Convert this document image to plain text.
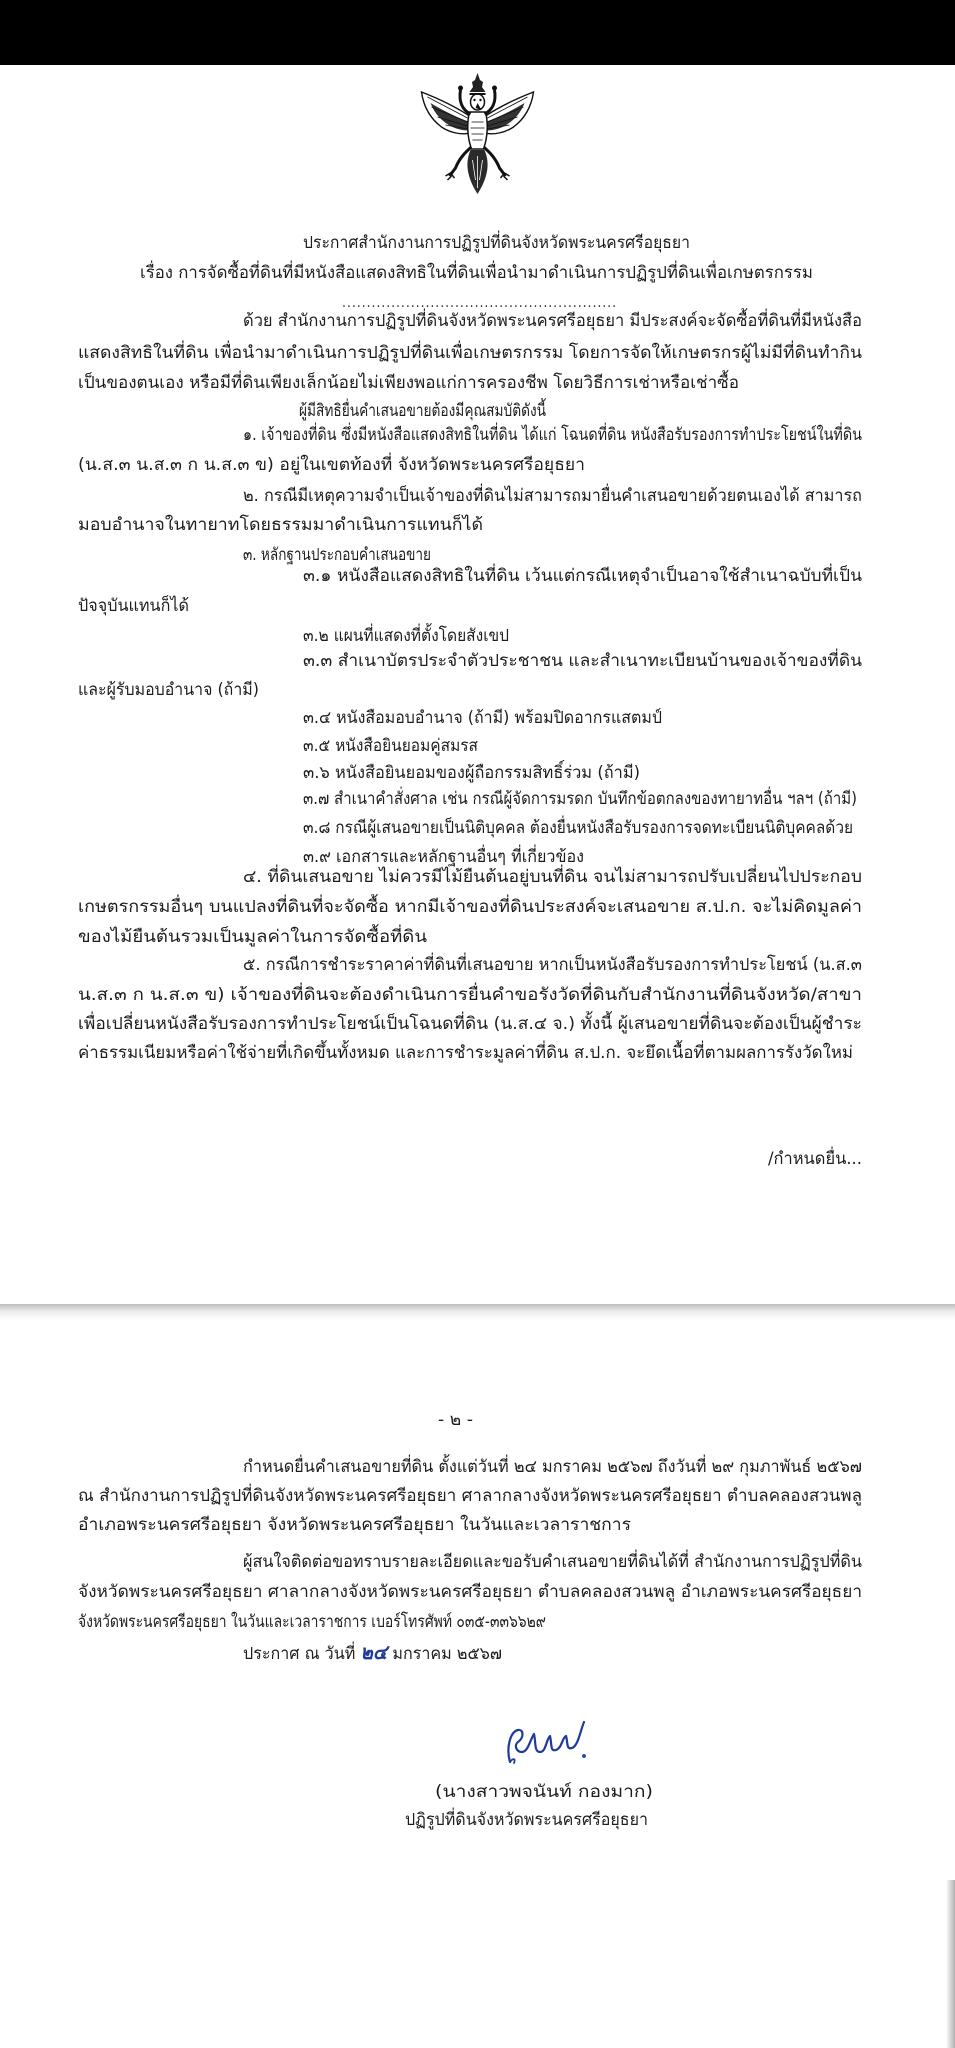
ประกาศสำนักงานการปฏิรูปที่ดินจังหวัดพระนครศรีอยุธยา
เรื่อง การจัดซื้อที่ดินที่มีหนังสือแสดงสิทธิในที่ดินเพื่อนำมาดำเนินการปฏิรูปที่ดินเพื่อเกษตรกรรม
........................................................
ด้วย สำนักงานการปฏิรูปที่ดินจังหวัดพระนครศรีอยุธยา มีประสงค์จะจัดซื้อที่ดินที่มีหนังสือ
แสดงสิทธิในที่ดิน เพื่อนำมาดำเนินการปฏิรูปที่ดินเพื่อเกษตรกรรม โดยการจัดให้เกษตรกรผู้ไม่มีที่ดินทำกิน
เป็นของตนเอง หรือมีที่ดินเพียงเล็กน้อยไม่เพียงพอแก่การครองชีพ โดยวิธีการเช่าหรือเช่าซื้อ
ผู้มีสิทธิยื่นคำเสนอขายต้องมีคุณสมบัติดังนี้
๑. เจ้าของที่ดิน ซึ่งมีหนังสือแสดงสิทธิในที่ดิน ได้แก่ โฉนดที่ดิน หนังสือรับรองการทำประโยชน์ในที่ดิน
(น.ส.๓ น.ส.๓ ก น.ส.๓ ข) อยู่ในเขตท้องที่ จังหวัดพระนครศรีอยุธยา
๒. กรณีมีเหตุความจำเป็นเจ้าของที่ดินไม่สามารถมายื่นคำเสนอขายด้วยตนเองได้ สามารถ
มอบอำนาจในทายาทโดยธรรมมาดำเนินการแทนก็ได้
๓. หลักฐานประกอบคำเสนอขาย
๓.๑ หนังสือแสดงสิทธิในที่ดิน เว้นแต่กรณีเหตุจำเป็นอาจใช้สำเนาฉบับที่เป็น
ปัจจุบันแทนก็ได้
๓.๒ แผนที่แสดงที่ตั้งโดยสังเขป
๓.๓ สำเนาบัตรประจำตัวประชาชน และสำเนาทะเบียนบ้านของเจ้าของที่ดิน
และผู้รับมอบอำนาจ (ถ้ามี)
๓.๔ หนังสือมอบอำนาจ (ถ้ามี) พร้อมปิดอากรแสตมป์
๓.๕ หนังสือยินยอมคู่สมรส
๓.๖ หนังสือยินยอมของผู้ถือกรรมสิทธิ์ร่วม (ถ้ามี)
๓.๗ สำเนาคำสั่งศาล เช่น กรณีผู้จัดการมรดก บันทึกข้อตกลงของทายาทอื่น ฯลฯ (ถ้ามี)
๓.๘ กรณีผู้เสนอขายเป็นนิติบุคคล ต้องยื่นหนังสือรับรองการจดทะเบียนนิติบุคคลด้วย
๓.๙ เอกสารและหลักฐานอื่นๆ ที่เกี่ยวข้อง
๔. ที่ดินเสนอขาย ไม่ควรมีไม้ยืนต้นอยู่บนที่ดิน จนไม่สามารถปรับเปลี่ยนไปประกอบ
เกษตรกรรมอื่นๆ บนแปลงที่ดินที่จะจัดซื้อ หากมีเจ้าของที่ดินประสงค์จะเสนอขาย ส.ป.ก. จะไม่คิดมูลค่า
ของไม้ยืนต้นรวมเป็นมูลค่าในการจัดซื้อที่ดิน
๕. กรณีการชำระราคาค่าที่ดินที่เสนอขาย หากเป็นหนังสือรับรองการทำประโยชน์ (น.ส.๓
น.ส.๓ ก น.ส.๓ ข) เจ้าของที่ดินจะต้องดำเนินการยื่นคำขอรังวัดที่ดินกับสำนักงานที่ดินจังหวัด/สาขา
เพื่อเปลี่ยนหนังสือรับรองการทำประโยชน์เป็นโฉนดที่ดิน (น.ส.๔ จ.) ทั้งนี้ ผู้เสนอขายที่ดินจะต้องเป็นผู้ชำระ
ค่าธรรมเนียมหรือค่าใช้จ่ายที่เกิดขึ้นทั้งหมด และการชำระมูลค่าที่ดิน ส.ป.ก. จะยึดเนื้อที่ตามผลการรังวัดใหม่
/กำหนดยื่น...
- ๒ -
กำหนดยื่นคำเสนอขายที่ดิน ตั้งแต่วันที่ ๒๔ มกราคม ๒๕๖๗ ถึงวันที่ ๒๙ กุมภาพันธ์ ๒๕๖๗
ณ สำนักงานการปฏิรูปที่ดินจังหวัดพระนครศรีอยุธยา ศาลากลางจังหวัดพระนครศรีอยุธยา ตำบลคลองสวนพลู
อำเภอพระนครศรีอยุธยา จังหวัดพระนครศรีอยุธยา ในวันและเวลาราชการ
ผู้สนใจติดต่อขอทราบรายละเอียดและขอรับคำเสนอขายที่ดินได้ที่ สำนักงานการปฏิรูปที่ดิน
จังหวัดพระนครศรีอยุธยา ศาลากลางจังหวัดพระนครศรีอยุธยา ตำบลคลองสวนพลู อำเภอพระนครศรีอยุธยา
จังหวัดพระนครศรีอยุธยา ในวันและเวลาราชการ เบอร์โทรศัพท์ ๐๓๕-๓๓๖๖๒๙
ประกาศ ณ วันที่ ๒๔ มกราคม ๒๕๖๗
(นางสาวพจนันท์ กองมาก)
ปฏิรูปที่ดินจังหวัดพระนครศรีอยุธยา
